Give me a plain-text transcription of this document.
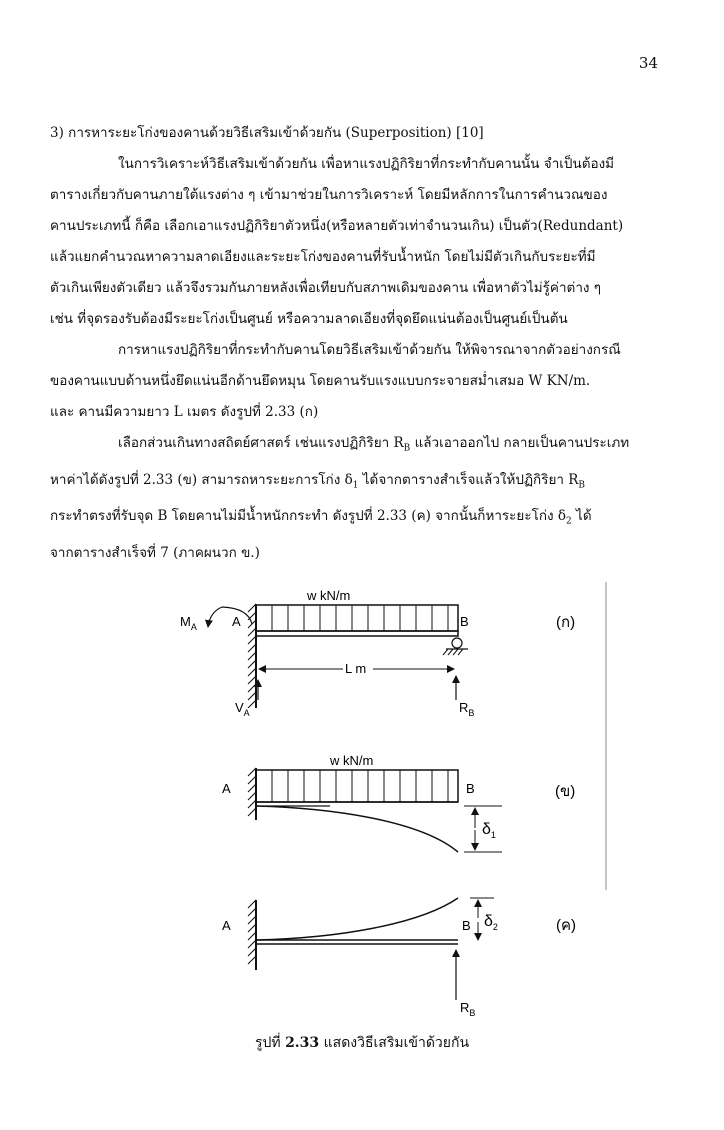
34

3) การหาระยะโก่งของคานด้วยวิธีเสริมเข้าด้วยกัน (Superposition) [10]

ในการวิเคราะห์วิธีเสริมเข้าด้วยกัน เพื่อหาแรงปฏิกิริยาที่กระทำกับคานนั้น จำเป็นต้องมี

ตารางเกี่ยวกับคานภายใต้แรงต่าง ๆ เข้ามาช่วยในการวิเคราะห์ โดยมีหลักการในการคำนวณของ

คานประเภทนี้ ก็คือ เลือกเอาแรงปฏิกิริยาตัวหนึ่ง(หรือหลายตัวเท่าจำนวนเกิน) เป็นตัว(Redundant)

แล้วแยกคำนวณหาความลาดเอียงและระยะโก่งของคานที่รับน้ำหนัก โดยไม่มีตัวเกินกับระยะที่มี

ตัวเกินเพียงตัวเดียว แล้วจึงรวมกันภายหลังเพื่อเทียบกับสภาพเดิมของคาน เพื่อหาตัวไม่รู้ค่าต่าง ๆ

เช่น ที่จุดรองรับต้องมีระยะโก่งเป็นศูนย์ หรือความลาดเอียงที่จุดยึดแน่นต้องเป็นศูนย์เป็นต้น

การหาแรงปฏิกิริยาที่กระทำกับคานโดยวิธีเสริมเข้าด้วยกัน ให้พิจารณาจากตัวอย่างกรณี

ของคานแบบด้านหนึ่งยึดแน่นอีกด้านยึดหมุน โดยคานรับแรงแบบกระจายสม่ำเสมอ W KN/m.

และ คานมีความยาว L เมตร ดังรูปที่ 2.33 (ก)

เลือกส่วนเกินทางสถิตย์ศาสตร์ เช่นแรงปฏิกิริยา $R_B$ แล้วเอาออกไป กลายเป็นคานประเภท

หาค่าได้ดังรูปที่ 2.33 (ข) สามารถหาระยะการโก่ง $\delta_1$ ได้จากตารางสำเร็จแล้วให้ปฏิกิริยา $R_B$

กระทำตรงที่รับจุด B โดยคานไม่มีน้ำหนักกระทำ ดังรูปที่ 2.33 (ค) จากนั้นก็หาระยะโก่ง $\delta_2$ ได้

จากตารางสำเร็จที่ 7 (ภาคผนวก ข.)

w kN/m
$M_A$	A	B
L m
$V_A$	$R_B$
(ก)
w kN/m
A	B
$\delta_1$
(ข)
A	B $\delta_2$
$R_B$
(ค)
รูปที่ 2.33 แสดงวิธีเสริมเข้าด้วยกัน
